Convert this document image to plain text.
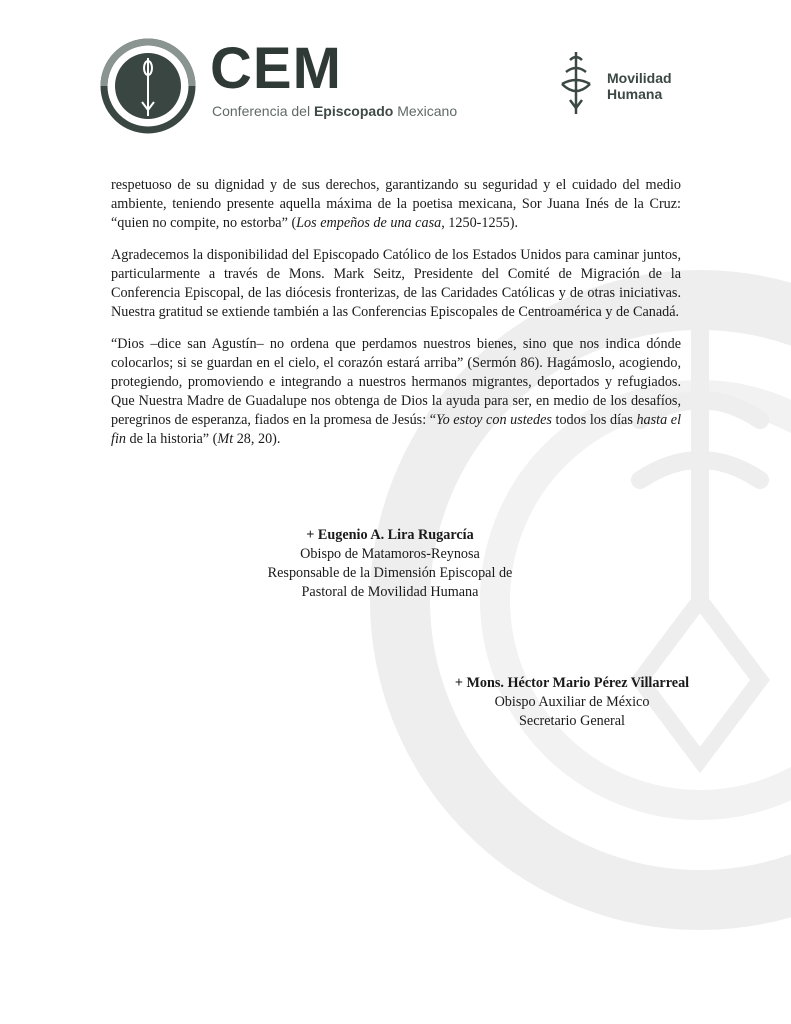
CEM
Conferencia del Episcopado Mexicano
Movilidad
Humana

respetuoso de su dignidad y de sus derechos, garantizando su seguridad y el cuidado del medio ambiente, teniendo presente aquella máxima de la poetisa mexicana, Sor Juana Inés de la Cruz: “quien no compite, no estorba” (Los empeños de una casa, 1250-1255).

Agradecemos la disponibilidad del Episcopado Católico de los Estados Unidos para caminar juntos, particularmente a través de Mons. Mark Seitz, Presidente del Comité de Migración de la Conferencia Episcopal, de las diócesis fronterizas, de las Caridades Católicas y de otras iniciativas. Nuestra gratitud se extiende también a las Conferencias Episcopales de Centroamérica y de Canadá.

“Dios –dice san Agustín– no ordena que perdamos nuestros bienes, sino que nos indica dónde colocarlos; si se guardan en el cielo, el corazón estará arriba” (Sermón 86). Hagámoslo, acogiendo, protegiendo, promoviendo e integrando a nuestros hermanos migrantes, deportados y refugiados. Que Nuestra Madre de Guadalupe nos obtenga de Dios la ayuda para ser, en medio de los desafíos, peregrinos de esperanza, fiados en la promesa de Jesús: “Yo estoy con ustedes todos los días hasta el fin de la historia” (Mt 28, 20).

+ Eugenio A. Lira Rugarcía
Obispo de Matamoros-Reynosa
Responsable de la Dimensión Episcopal de
Pastoral de Movilidad Humana
+ Mons. Héctor Mario Pérez Villarreal
Obispo Auxiliar de México
Secretario General
